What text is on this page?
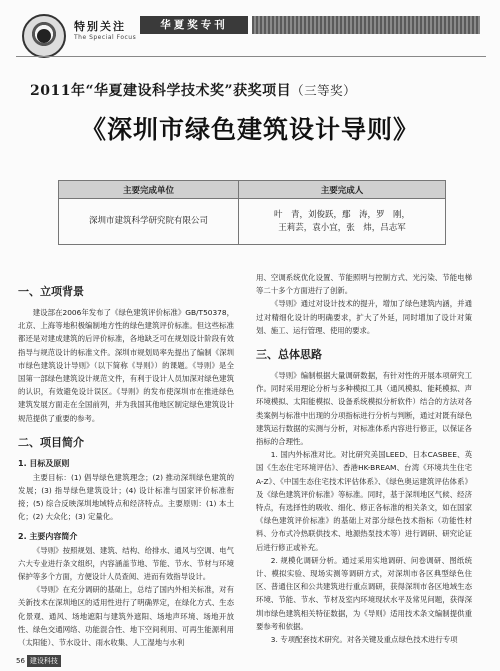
特别关注
The Special Focus
华夏奖专刊
2011年“华夏建设科学技术奖”获奖项目（三等奖）
《深圳市绿色建筑设计导则》
主要完成单位	主要完成人
深圳市建筑科学研究院有限公司	叶　青，刘俊跃，鄢　涛，罗　刚，
王莉芸，袁小宜，张　炜，吕志军
一、立项背景

建设部在2006年发布了《绿色建筑评价标准》GB/T50378，北京、上海等地积极编制地方性的绿色建筑评价标准。但这些标准都还是对建成建筑的后评价标准，各地缺乏可在规划设计阶段有效指导与规范设计的标准文件。深圳市规划局率先提出了编制《深圳市绿色建筑设计导则》（以下简称《导则》）的课题。《导则》是全国第一部绿色建筑设计规范文件，有利于设计人员加深对绿色建筑的认识，有效避免设计误区。《导则》的发布使深圳市在推进绿色建筑发展方面走在全国前列，并为我国其他地区制定绿色建筑设计规范提供了重要的参考。

二、项目简介
1. 目标及原则

主要目标：(1) 倡导绿色建筑理念；(2) 推动深圳绿色建筑的发展；(3) 指导绿色建筑设计；(4) 设计标准与国家评价标准衔接；(5) 综合反映深圳地域特点和经济特点。主要原则：(1) 本土化；(2) 大众化；(3) 定量化。

2. 主要内容简介

《导则》按照规划、建筑、结构、给排水、通风与空调、电气六大专业进行条文组织，内容涵盖节地、节能、节水、节材与环境保护等多个方面，方便设计人员查阅、进而有效指导设计。

《导则》在充分调研的基础上，总结了国内外相关标准，对有关新技术在深圳地区的适用性进行了明确界定，在绿化方式、生态化景观、通风、场地遮阳与建筑外遮阳、场地声环境、场地开放性、绿色交通网络、功能混合性、地下空间利用、可再生能源利用（太阳能）、节水设计、雨水收集、人工湿地与水利

用、空调系统优化设置、节能照明与控制方式、光污染、节能电梯等二十多个方面进行了创新。

《导则》通过对设计技术的提升，增加了绿色建筑内涵，并通过对精细化设计的明确要求，扩大了外延，同时增加了设计对策划、施工、运行管理、使用的要求。

三、总体思路

《导则》编制根据大量调研数据，有针对性的开展本项研究工作。同时采用理论分析与多种模拟工具（通风模拟、能耗模拟、声环境模拟、太阳能模拟、设备系统模拟分析软件）结合的方法对各类案例与标准中出现的分项指标进行分析与判断，通过对既有绿色建筑运行数据的实测与分析，对标准体系内容进行修正，以保证各指标的合理性。

1. 国内外标准对比。对比研究美国LEED、日本CASBEE、英国《生态住宅环境评估》、香港HK-BREAM、台湾《环境共生住宅A-Z》、《中国生态住宅技术评估体系》、《绿色奥运建筑评估体系》及《绿色建筑评价标准》等标准。同时，基于深圳地区气候、经济特点，有选择性的吸收、细化、修正各标准的相关条文，如在国家《绿色建筑评价标准》的基础上对部分绿色技术指标（功能性材料、分布式冷热联供技术、地源热泵技术等）进行调研、研究论证后进行修正或补充。

2. 规模化调研分析。通过采用实地调研、问卷调研、图纸统计、模拟实验、现场实测等调研方式，对深圳市各区典型绿色住区、普通住区和公共建筑进行重点调研，获得深圳市各区地域生态环境、节能、节水、节材及室内环境现状水平及常见问题，获得深圳市绿色建筑相关特征数据，为《导则》适用技术条文编制提供重要参考和依据。

3. 专项配套技术研究。对各关键及重点绿色技术进行专项

56 建设科技
